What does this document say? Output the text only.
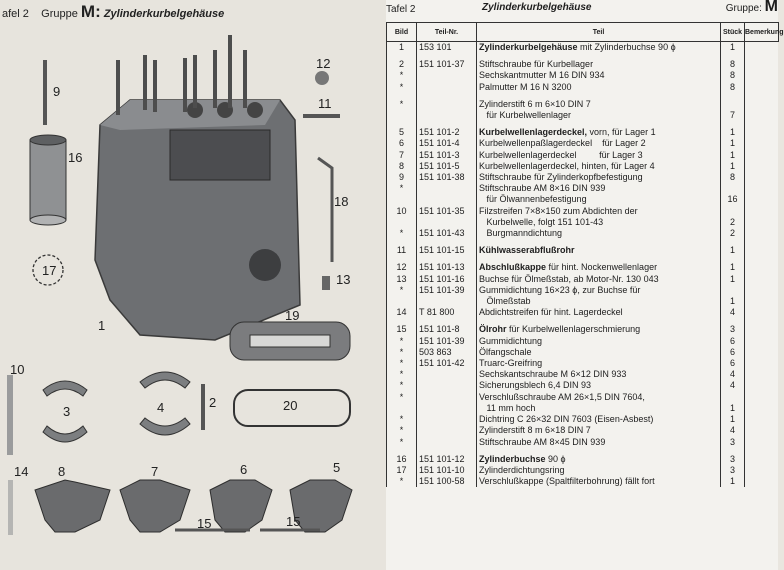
afel 2 Gruppe M: Zylinderkurbelgehäuse
12
9
11
16
18
17
13
1
19
10
2
3	4	20
14 8	7	6	5
15	15
Tafel 2	Zylinderkurbelgehäuse	Gruppe: M
Bild	Teil-Nr.	Teil	Stück	Bemerkung
1	153 101	Zylinderkurbelgehäuse mit Zylinderbuchse 90 ϕ	1	

2	151 101-37	Stiftschraube für Kurbellager	8	
*		Sechskantmutter M 16 DIN 934	8	
*		Palmutter M 16 N 3200	8	

*		Zylinderstift 6 m 6×10 DIN 7		
		für Kurbelwellenlager	7	

5	151 101-2	Kurbelwellenlagerdeckel, vorn, für Lager 1	1	
6	151 101-4	Kurbelwellenpaßlagerdeckel    für Lager 2	1	
7	151 101-3	Kurbelwellenlagerdeckel         für Lager 3	1	
8	151 101-5	Kurbelwellenlagerdeckel, hinten, für Lager 4	1	
9	151 101-38	Stiftschraube für Zylinderkopfbefestigung	8	
*		Stiftschraube AM 8×16 DIN 939		
		für Ölwannenbefestigung	16	
10	151 101-35	Filzstreifen 7×8×150 zum Abdichten der		
		Kurbelwelle, folgt 151 101-43	2	
*	151 101-43	Burgmanndichtung	2	

11	151 101-15	Kühlwasserabflußrohr	1	

12	151 101-13	Abschlußkappe für hint. Nockenwellenlager	1	
13	151 101-16	Buchse für Ölmeßstab, ab Motor-Nr. 130 043	1	
*	151 101-39	Gummidichtung 16×23 ϕ, zur Buchse für		
		Ölmeßstab	1	
14	T 81 800	Abdichtstreifen für hint. Lagerdeckel	4	

15	151 101-8	Ölrohr für Kurbelwellenlagerschmierung	3	
*	151 101-39	Gummidichtung	6	
*	503 863	Ölfangschale	6	
*	151 101-42	Truarc-Greifring	6	
*		Sechskantschraube M 6×12 DIN 933	4	
*		Sicherungsblech 6,4 DIN 93	4	
*		Verschlußschraube AM 26×1,5 DIN 7604,		
		11 mm hoch	1	
*		Dichtring C 26×32 DIN 7603 (Eisen-Asbest)	1	
*		Zylinderstift 8 m 6×18 DIN 7	4	
*		Stiftschraube AM 8×45 DIN 939	3	

16	151 101-12	Zylinderbuchse 90 ϕ	3	
17	151 101-10	Zylinderdichtungsring	3	
*	151 100-58	Verschlußkappe (Spaltfilterbohrung) fällt fort	1	
